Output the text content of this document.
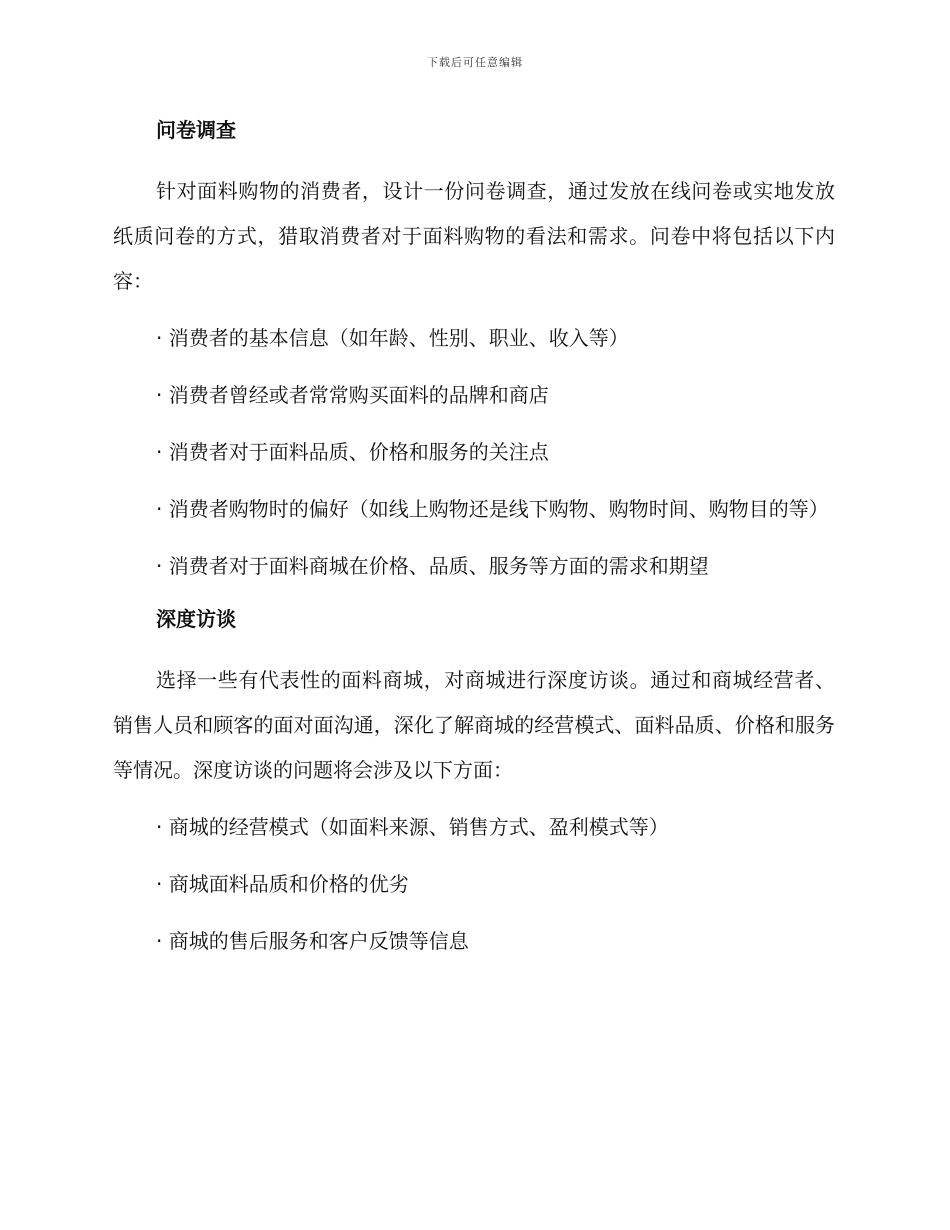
下载后可任意编辑
问卷调查

针对面料购物的消费者，设计一份问卷调查，通过发放在线问卷或实地发放纸质问卷的方式，猎取消费者对于面料购物的看法和需求。问卷中将包括以下内容：

· 消费者的基本信息（如年龄、性别、职业、收入等）
· 消费者曾经或者常常购买面料的品牌和商店
· 消费者对于面料品质、价格和服务的关注点
· 消费者购物时的偏好（如线上购物还是线下购物、购物时间、购物目的等）
· 消费者对于面料商城在价格、品质、服务等方面的需求和期望
深度访谈

选择一些有代表性的面料商城，对商城进行深度访谈。通过和商城经营者、销售人员和顾客的面对面沟通，深化了解商城的经营模式、面料品质、价格和服务等情况。深度访谈的问题将会涉及以下方面：

· 商城的经营模式（如面料来源、销售方式、盈利模式等）
· 商城面料品质和价格的优劣
· 商城的售后服务和客户反馈等信息
